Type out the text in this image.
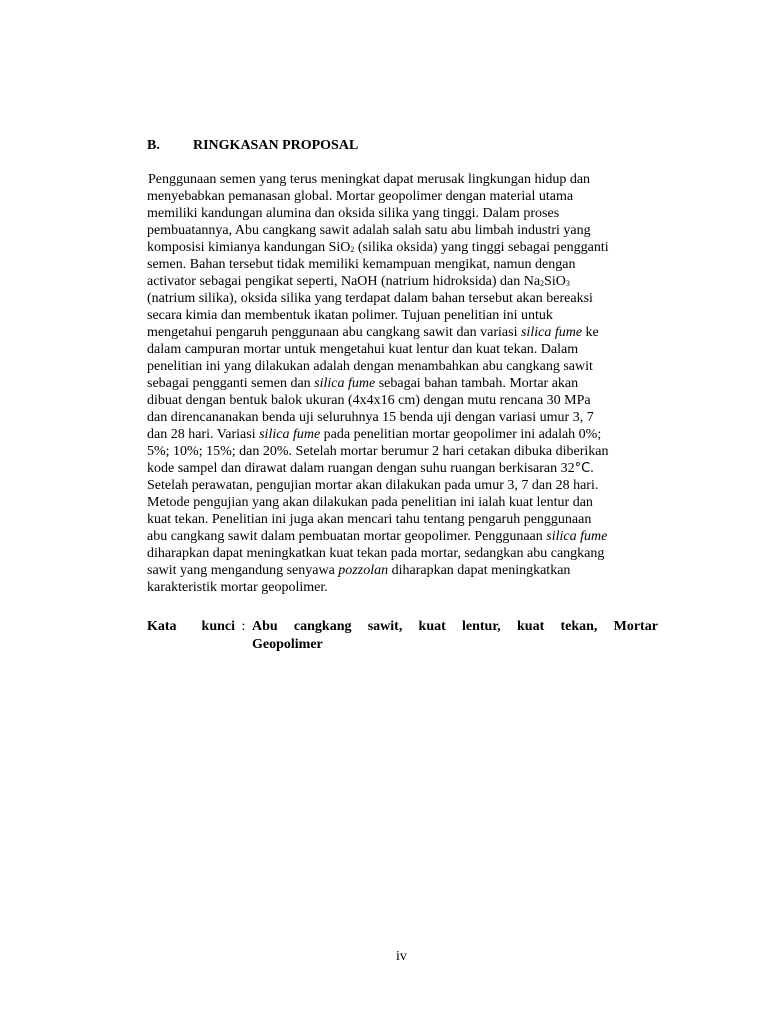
B. RINGKASAN PROPOSAL
Penggunaan semen yang terus meningkat dapat merusak lingkungan hidup dan
menyebabkan pemanasan global. Mortar geopolimer dengan material utama
memiliki kandungan alumina dan oksida silika yang tinggi. Dalam proses
pembuatannya, Abu cangkang sawit adalah salah satu abu limbah industri yang
komposisi kimianya kandungan SiO$_2$ (silika oksida) yang tinggi sebagai pengganti
semen. Bahan tersebut tidak memiliki kemampuan mengikat, namun dengan
activator sebagai pengikat seperti, NaOH (natrium hidroksida) dan $Na_2SiO_3$
(natrium silika), oksida silika yang terdapat dalam bahan tersebut akan bereaksi
secara kimia dan membentuk ikatan polimer. Tujuan penelitian ini untuk
mengetahui pengaruh penggunaan abu cangkang sawit dan variasi silica fume ke
dalam campuran mortar untuk mengetahui kuat lentur dan kuat tekan. Dalam
penelitian ini yang dilakukan adalah dengan menambahkan abu cangkang sawit
sebagai pengganti semen dan silica fume sebagai bahan tambah. Mortar akan
dibuat dengan bentuk balok ukuran (4x4x16 cm) dengan mutu rencana 30 MPa
dan direncananakan benda uji seluruhnya 15 benda uji dengan variasi umur 3, 7
dan 28 hari. Variasi silica fume pada penelitian mortar geopolimer ini adalah 0%;
5%; 10%; 15%; dan 20%. Setelah mortar berumur 2 hari cetakan dibuka diberikan
kode sampel dan dirawat dalam ruangan dengan suhu ruangan berkisaran 32°C.
Setelah perawatan, pengujian mortar akan dilakukan pada umur 3, 7 dan 28 hari.
Metode pengujian yang akan dilakukan pada penelitian ini ialah kuat lentur dan
kuat tekan. Penelitian ini juga akan mencari tahu tentang pengaruh penggunaan
abu cangkang sawit dalam pembuatan mortar geopolimer. Penggunaan silica fume
diharapkan dapat meningkatkan kuat tekan pada mortar, sedangkan abu cangkang
sawit yang mengandung senyawa pozzolan diharapkan dapat meningkatkan
karakteristik mortar geopolimer.
Kata kunci : Abu cangkang sawit, kuat lentur, kuat tekan, Mortar
Geopolimer
iv
